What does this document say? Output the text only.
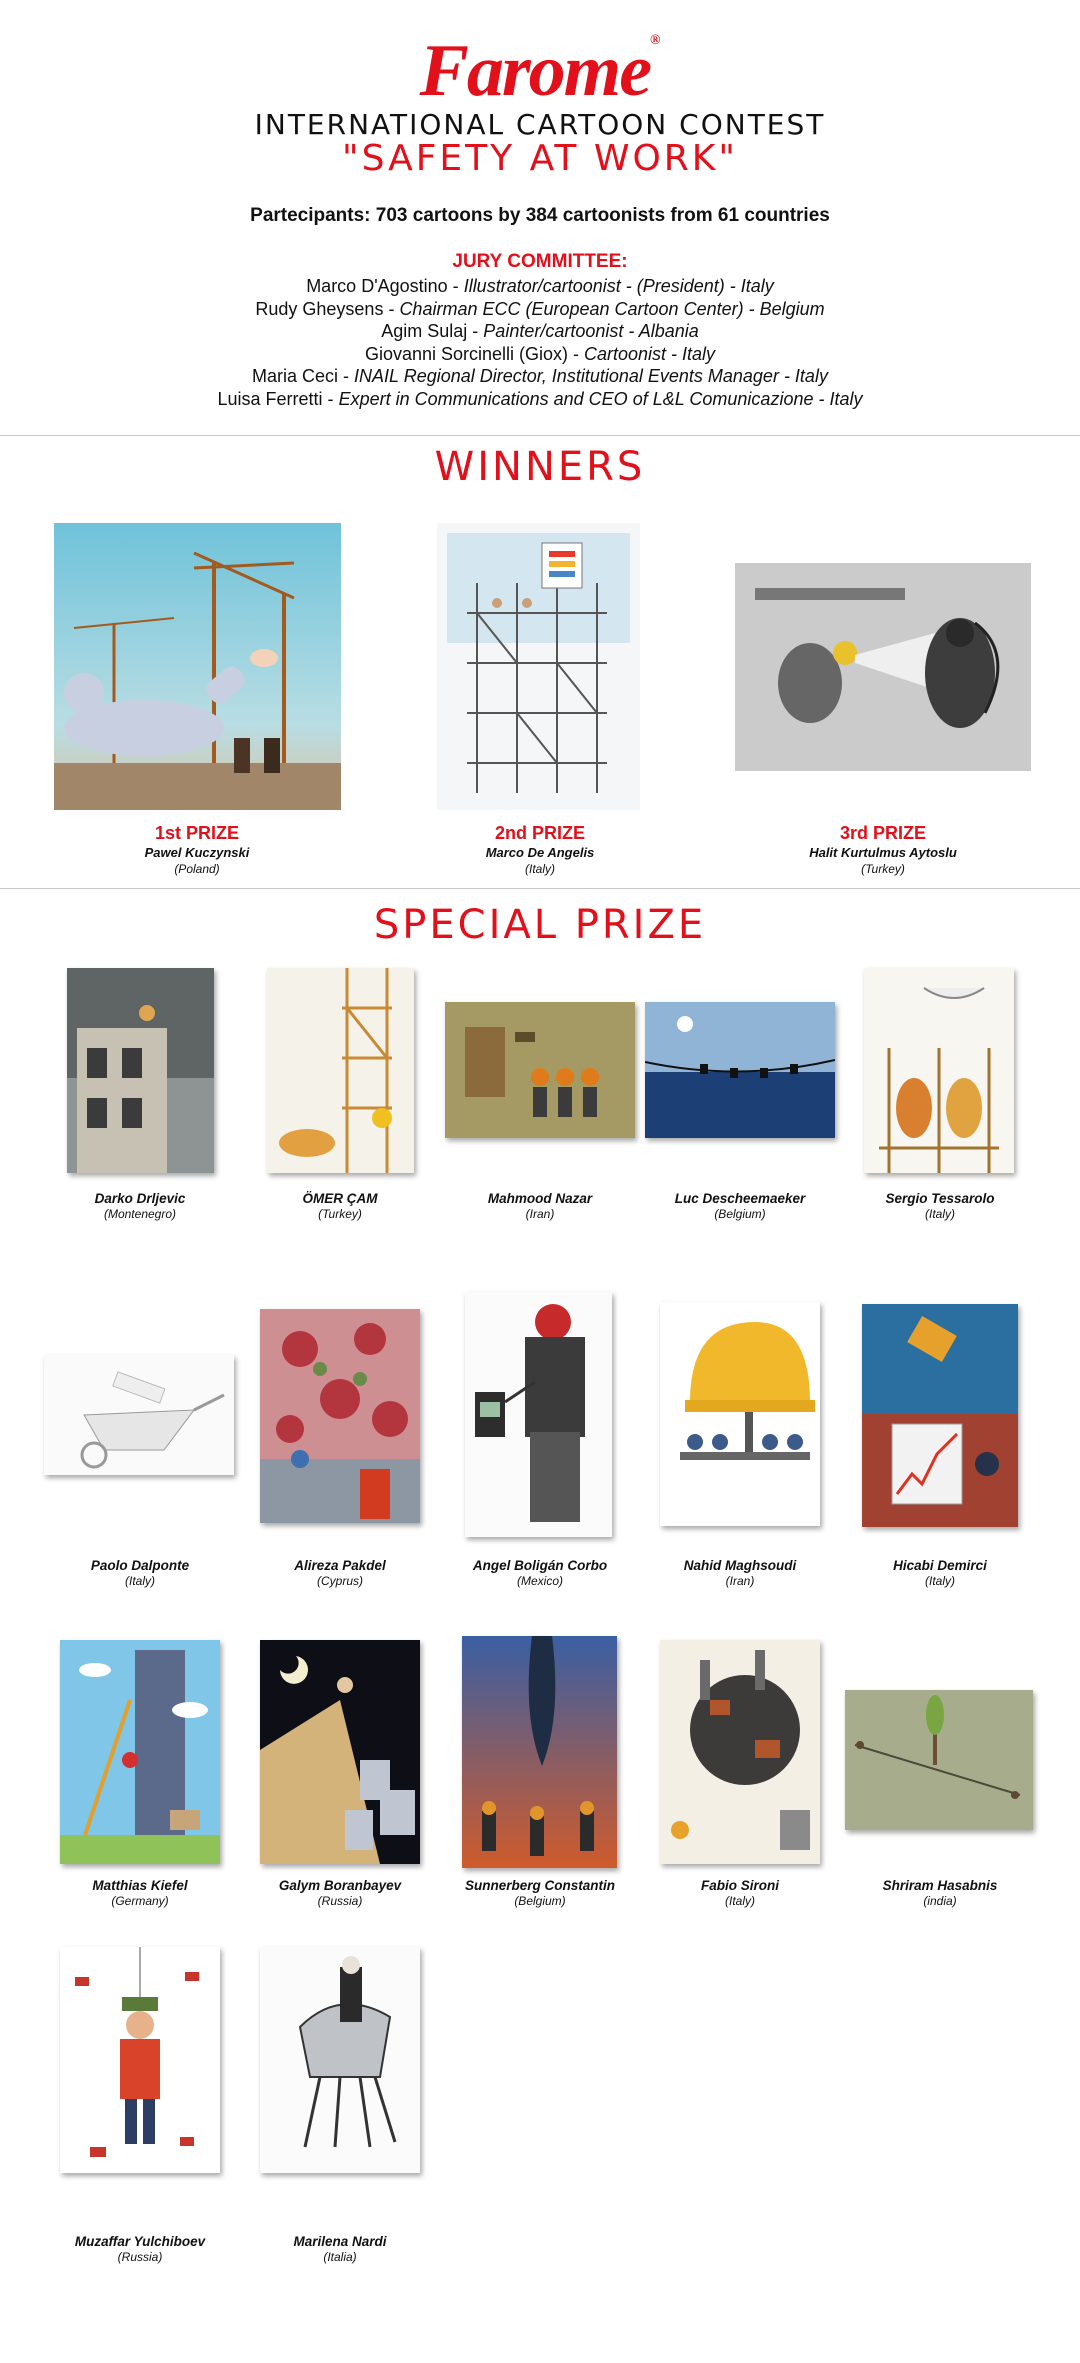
Farome®
INTERNATIONAL CARTOON CONTEST
"SAFETY AT WORK"
Partecipants: 703 cartoons by 384 cartoonists from 61 countries
JURY COMMITTEE:
Marco D'Agostino - Illustrator/cartoonist - (President) - Italy
Rudy Gheysens - Chairman ECC (European Cartoon Center) - Belgium
Agim Sulaj - Painter/cartoonist - Albania
Giovanni Sorcinelli (Giox) - Cartoonist - Italy
Maria Ceci - INAIL Regional Director, Institutional Events Manager - Italy
Luisa Ferretti - Expert in Communications and CEO of L&L Comunicazione - Italy
WINNERS
1st PRIZE
Pawel Kuczynski
(Poland)
2nd PRIZE
Marco De Angelis
(Italy)
3rd PRIZE
Halit Kurtulmus Aytoslu
(Turkey)
SPECIAL PRIZE
Darko Drljevic
(Montenegro)
ÖMER ÇAM
(Turkey)
Mahmood Nazar
(Iran)
Luc Descheemaeker
(Belgium)
Sergio Tessarolo
(Italy)
Paolo Dalponte
(Italy)
Alireza Pakdel
(Cyprus)
Angel Boligán Corbo
(Mexico)
Nahid Maghsoudi
(Iran)
Hicabi Demirci
(Italy)
Matthias Kiefel
(Germany)
Galym Boranbayev
(Russia)
Sunnerberg Constantin
(Belgium)
Fabio Sironi
(Italy)
Shriram Hasabnis
(india)
Muzaffar Yulchiboev
(Russia)
Marilena Nardi
(Italia)
